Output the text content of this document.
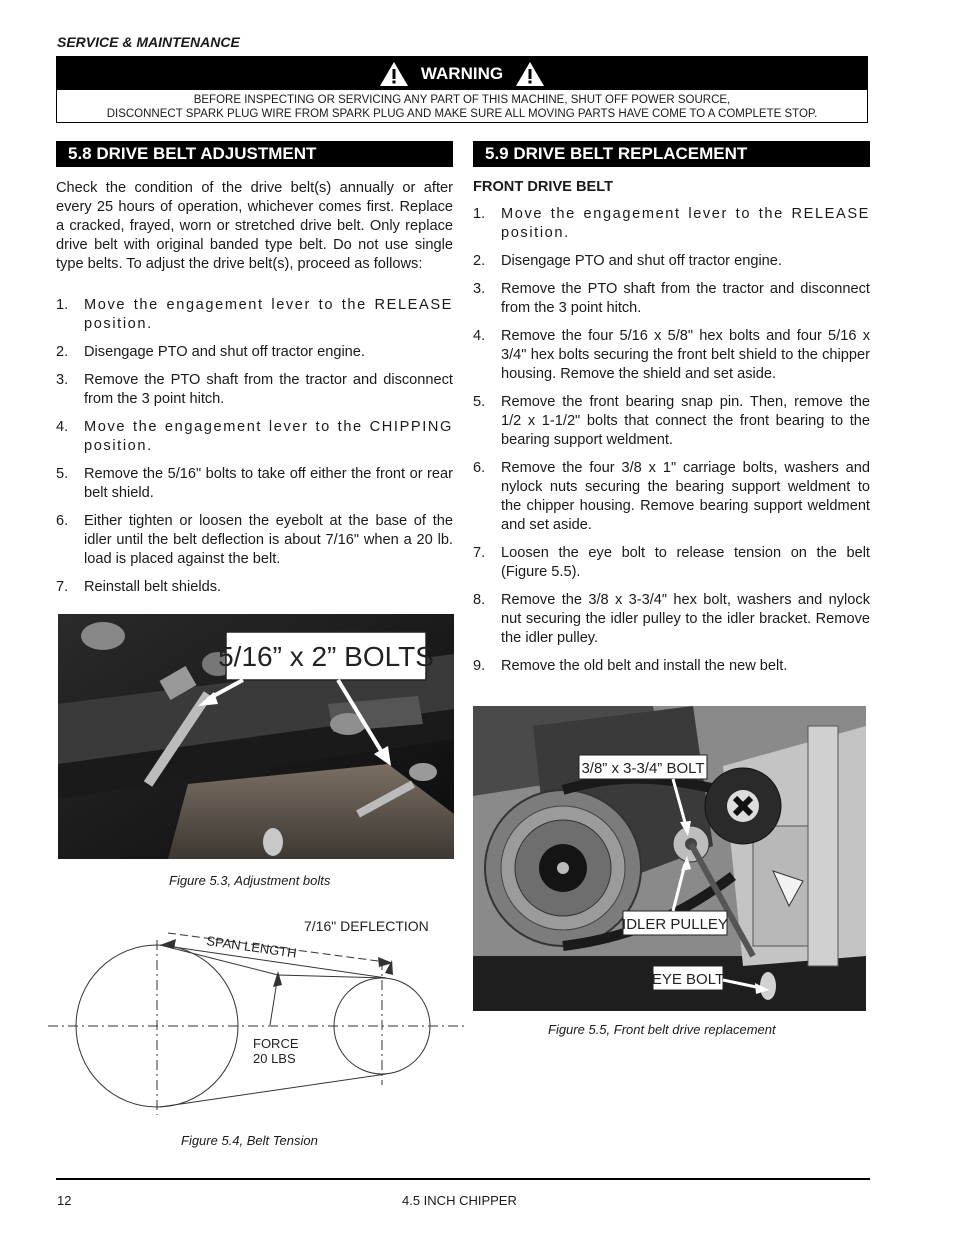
SERVICE & MAINTENANCE
WARNING
BEFORE INSPECTING OR SERVICING ANY PART OF THIS MACHINE, SHUT OFF POWER SOURCE,
DISCONNECT SPARK PLUG WIRE FROM SPARK PLUG AND MAKE SURE ALL MOVING PARTS HAVE COME TO A COMPLETE STOP.
5.8 DRIVE BELT ADJUSTMENT
Check the condition of the drive belt(s) annually or after every 25 hours of operation, whichever comes first. Replace a cracked, frayed, worn or stretched drive belt. Only replace drive belt with original banded type belt. Do not use single type belts. To adjust the drive belt(s), proceed as follows:
1. Move the engagement lever to the RELEASE position.
2. Disengage PTO and shut off tractor engine.
3. Remove the PTO shaft from the tractor and disconnect from the 3 point hitch.
4. Move the engagement lever to the CHIPPING position.
5. Remove the 5/16" bolts to take off either the front or rear belt shield.
6. Either tighten or loosen the eyebolt at the base of the idler until the belt deflection is about 7/16" when a 20 lb. load is placed against the belt.
7. Reinstall belt shields.
5/16” x 2” BOLTS
Figure 5.3, Adjustment bolts
SPAN LENGTH
7/16" DEFLECTION
FORCE
20 LBS
Figure 5.4, Belt Tension
5.9 DRIVE BELT REPLACEMENT
FRONT DRIVE BELT
1. Move the engagement lever to the RELEASE position.
2. Disengage PTO and shut off tractor engine.
3. Remove the PTO shaft from the tractor and disconnect from the 3 point hitch.
4. Remove the four 5/16 x 5/8" hex bolts and four 5/16 x 3/4" hex bolts securing the front belt shield to the chipper housing. Remove the shield and set aside.
5. Remove the front bearing snap pin. Then, remove the 1/2 x 1-1/2" bolts that connect the front bearing to the bearing support weldment.
6. Remove the four 3/8 x 1" carriage bolts, washers and nylock nuts securing the bearing support weldment to the chipper housing. Remove bearing support weldment and set aside.
7. Loosen the eye bolt to release tension on the belt (Figure 5.5).
8. Remove the 3/8 x 3-3/4" hex bolt, washers and nylock nut securing the idler pulley to the idler bracket. Remove the idler pulley.
9. Remove the old belt and install the new belt.
3/8” x 3-3/4” BOLT
IDLER PULLEY
EYE BOLT
Figure 5.5, Front belt drive replacement
12	4.5 INCH CHIPPER
